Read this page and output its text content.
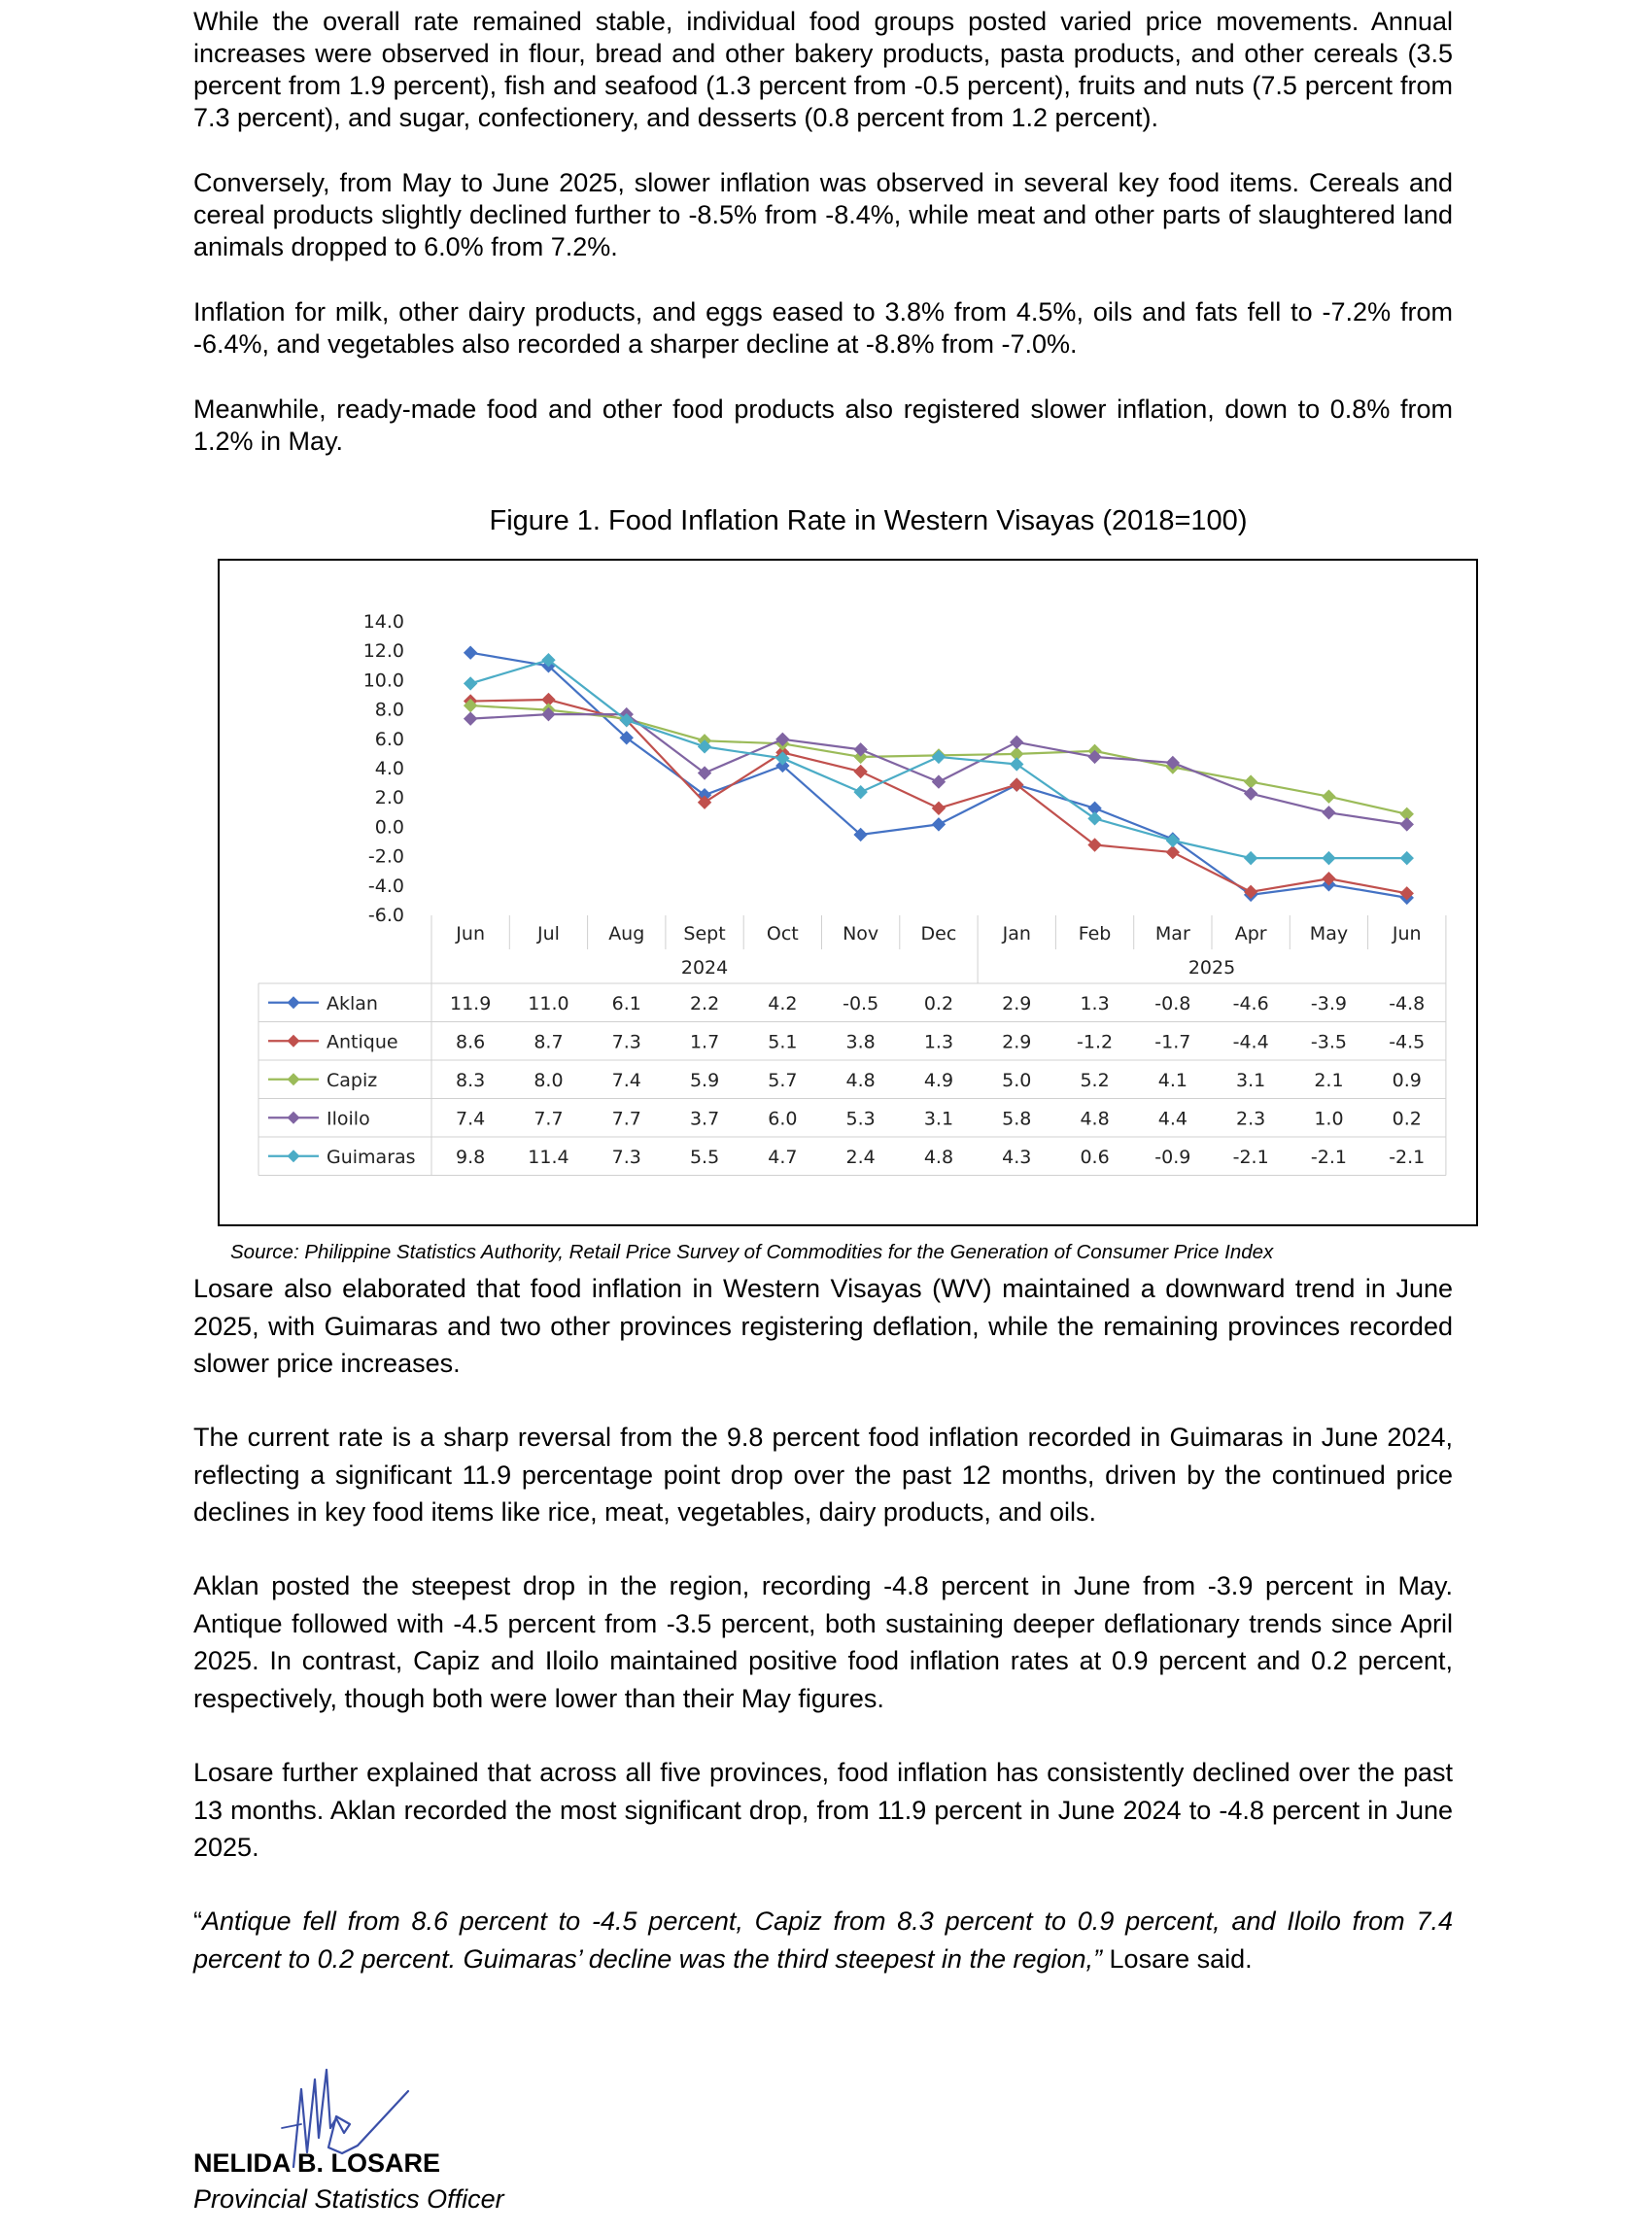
While the overall rate remained stable, individual food groups posted varied price movements. Annual increases were observed in flour, bread and other bakery products, pasta products, and other cereals (3.5 percent from 1.9 percent), fish and seafood (1.3 percent from -0.5 percent), fruits and nuts (7.5 percent from 7.3 percent), and sugar, confectionery, and desserts (0.8 percent from 1.2 percent).

Conversely, from May to June 2025, slower inflation was observed in several key food items. Cereals and cereal products slightly declined further to -8.5% from -8.4%, while meat and other parts of slaughtered land animals dropped to 6.0% from 7.2%.

Inflation for milk, other dairy products, and eggs eased to 3.8% from 4.5%, oils and fats fell to -7.2% from -6.4%, and vegetables also recorded a sharper decline at -8.8% from -7.0%.

Meanwhile, ready-made food and other food products also registered slower inflation, down to 0.8% from 1.2% in May.

Figure 1. Food Inflation Rate in Western Visayas (2018=100)
14.0
12.0
10.0
8.0
6.0
4.0
2.0
0.0
-2.0
-4.0
-6.0
Jun	Jul	Aug Sept Oct Nov Dec Jan	Feb Mar Apr May Jun
2024	2025
Aklan	11.9 11.0 6.1	2.2	4.2 -0.5 0.2	2.9	1.3 -0.8 -4.6 -3.9 -4.8
Antique	8.6	8.7	7.3	1.7	5.1	3.8	1.3	2.9 -1.2 -1.7 -4.4 -3.5 -4.5
Capiz	8.3	8.0	7.4	5.9	5.7	4.8	4.9	5.0	5.2	4.1	3.1	2.1	0.9
Iloilo	7.4	7.7	7.7	3.7	6.0	5.3	3.1	5.8	4.8	4.4	2.3	1.0	0.2
Guimaras 9.8 11.4 7.3	5.5	4.7	2.4	4.8	4.3	0.6 -0.9 -2.1 -2.1 -2.1
Source: Philippine Statistics Authority, Retail Price Survey of Commodities for the Generation of Consumer Price Index

Losare also elaborated that food inflation in Western Visayas (WV) maintained a downward trend in June 2025, with Guimaras and two other provinces registering deflation, while the remaining provinces recorded slower price increases.

The current rate is a sharp reversal from the 9.8 percent food inflation recorded in Guimaras in June 2024, reflecting a significant 11.9 percentage point drop over the past 12 months, driven by the continued price declines in key food items like rice, meat, vegetables, dairy products, and oils.

Aklan posted the steepest drop in the region, recording -4.8 percent in June from -3.9 percent in May. Antique followed with -4.5 percent from -3.5 percent, both sustaining deeper deflationary trends since April 2025. In contrast, Capiz and Iloilo maintained positive food inflation rates at 0.9 percent and 0.2 percent, respectively, though both were lower than their May figures.

Losare further explained that across all five provinces, food inflation has consistently declined over the past 13 months. Aklan recorded the most significant drop, from 11.9 percent in June 2024 to -4.8 percent in June 2025.

“Antique fell from 8.6 percent to -4.5 percent, Capiz from 8.3 percent to 0.9 percent, and Iloilo from 7.4 percent to 0.2 percent. Guimaras’ decline was the third steepest in the region,” Losare said.

NELIDA B. LOSARE
Provincial Statistics Officer
